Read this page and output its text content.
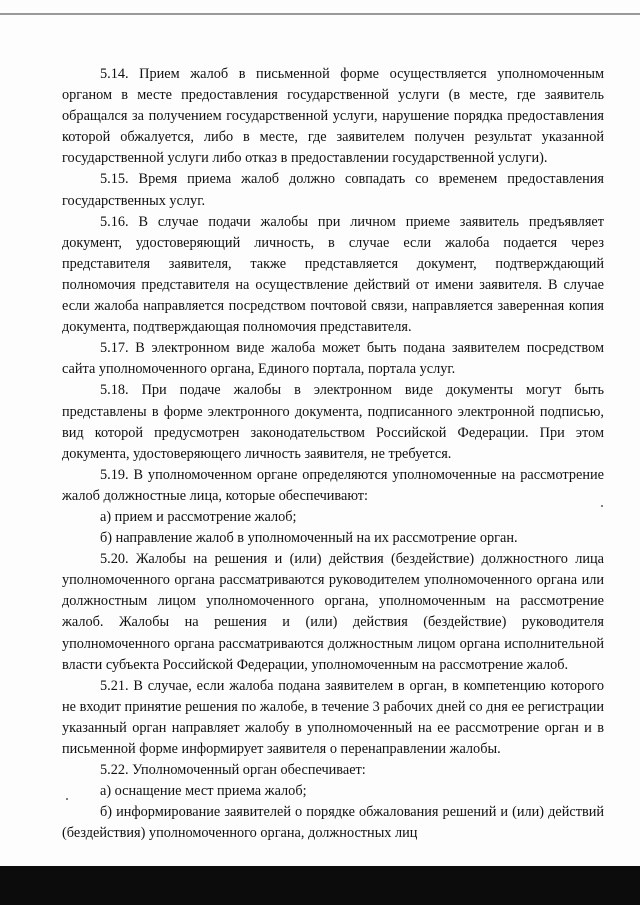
5.14. Прием жалоб в письменной форме осуществляется уполномоченным органом в месте предоставления государственной услуги (в месте, где заявитель обращался за получением государственной услуги, нарушение порядка предоставления которой обжалуется, либо в месте, где заявителем получен результат указанной государственной услуги либо отказ в предоставлении государственной услуги).

5.15. Время приема жалоб должно совпадать со временем предоставления государственных услуг.

5.16. В случае подачи жалобы при личном приеме заявитель предъявляет документ, удостоверяющий личность, в случае если жалоба подается через представителя заявителя, также представляется документ, подтверждающий полномочия представителя на осуществление действий от имени заявителя. В случае если жалоба направляется посредством почтовой связи, направляется заверенная копия документа, подтверждающая полномочия представителя.

5.17. В электронном виде жалоба может быть подана заявителем посредством сайта уполномоченного органа, Единого портала, портала услуг.

5.18. При подаче жалобы в электронном виде документы могут быть представлены в форме электронного документа, подписанного электронной подписью, вид которой предусмотрен законодательством Российской Федерации. При этом документа, удостоверяющего личность заявителя, не требуется.

5.19. В уполномоченном органе определяются уполномоченные на рассмотрение жалоб должностные лица, которые обеспечивают:

а) прием и рассмотрение жалоб;

б) направление жалоб в уполномоченный на их рассмотрение орган.

5.20. Жалобы на решения и (или) действия (бездействие) должностного лица уполномоченного органа рассматриваются руководителем уполномоченного органа или должностным лицом уполномоченного органа, уполномоченным на рассмотрение жалоб. Жалобы на решения и (или) действия (бездействие) руководителя уполномоченного органа рассматриваются должностным лицом органа исполнительной власти субъекта Российской Федерации, уполномоченным на рассмотрение жалоб.

5.21. В случае, если жалоба подана заявителем в орган, в компетенцию которого не входит принятие решения по жалобе, в течение 3 рабочих дней со дня ее регистрации указанный орган направляет жалобу в уполномоченный на ее рассмотрение орган и в письменной форме информирует заявителя о перенаправлении жалобы.

5.22. Уполномоченный орган обеспечивает:

а) оснащение мест приема жалоб;

б) информирование заявителей о порядке обжалования решений и (или) действий (бездействия) уполномоченного органа, должностных лиц
